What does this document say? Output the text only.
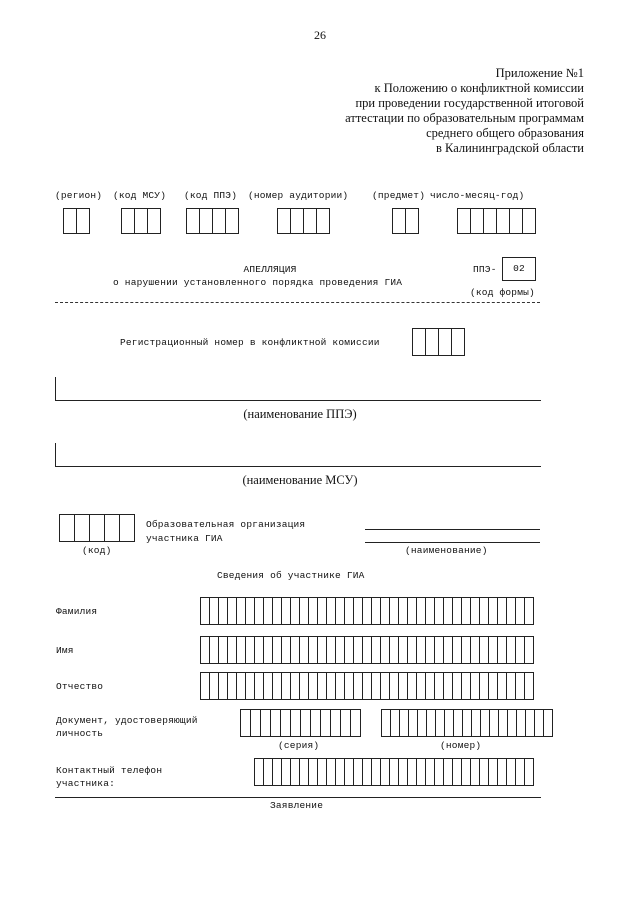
26
Приложение №1
к Положению о конфликтной комиссии
при проведении государственной итоговой
аттестации по образовательным программам
среднего общего образования
в Калининградской области
(регион) (код МСУ) (код ППЭ) (номер аудитории) (предмет) число-месяц-год)
АПЕЛЛЯЦИЯ
о нарушении установленного порядка проведения ГИА
ППЭ-	02
(код формы)
Регистрационный номер в конфликтной комиссии
(наименование ППЭ)
(наименование МСУ)
Образовательная организация
участника ГИА
(код)	(наименование)
Сведения об участнике ГИА
Фамилия
Имя
Отчество
Документ, удостоверяющий
личность
(серия)	(номер)
Контактный телефон
участника:
Заявление
